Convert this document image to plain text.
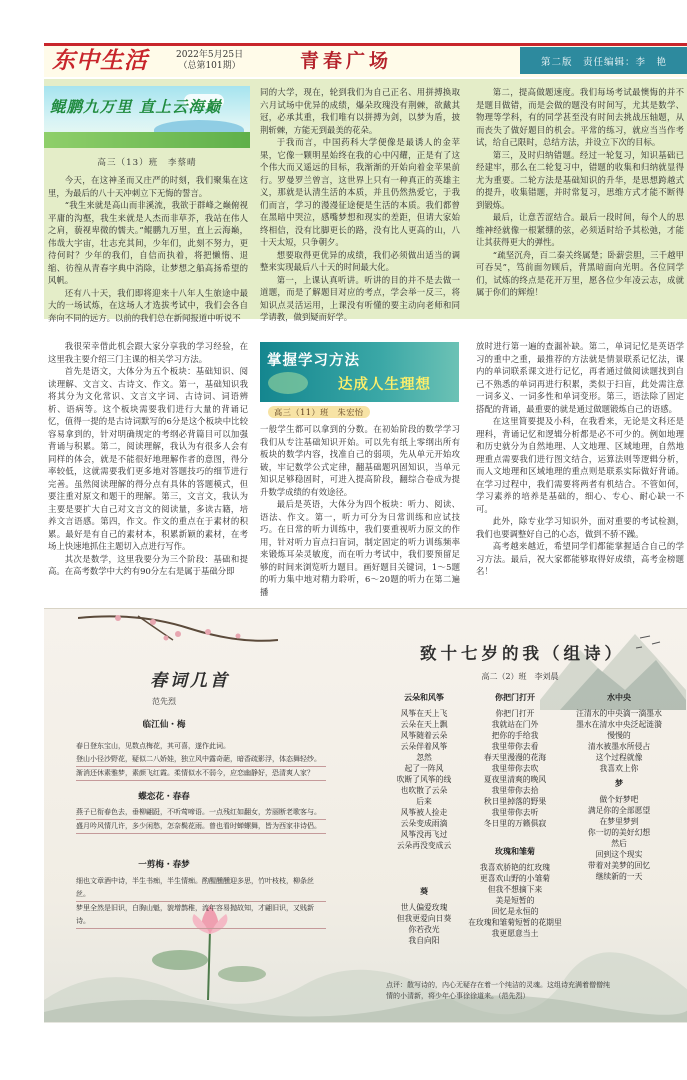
东中生活	2022年5月25日
（总第101期）	青春广场	第二版　责任编辑：李　艳
鲲鹏九万里 直上云海巅
高三（13）班　李蔡晴

今天，在这神圣而又庄严的时刻，我们聚集在这里，为最后的八十天冲刺立下无悔的誓言。

“我生来就是高山而非溪流，我欲于群峰之巅俯视平庸的沟壑，我生来就是人杰而非草芥，我站在伟人之肩，藐视卑微的懦夫。”鲲鹏九万里，直上云海巅，伟哉大宇宙，壮志充其间，少年们，此刻不努力，更待何时？少年的我们，自信而执着，将把懒惰、退缩、彷徨从青春字典中消除，让梦想之船高扬希望的风帆。

还有八十天，我们即将迎来十八年人生旅途中最大的一场试炼，在这场人才选拔考试中，我们会各自奔向不同的远方。以前的我们总在新闻报道中听说不

同的大学，现在，轮到我们为自己正名、用拼搏换取六月试场中优异的成绩，爆朵玫瑰没有荆棘，欲戴其冠，必承其重，我们唯有以拼搏为剑，以梦为盾，披荆斩棘，方能无到最美的花朵。

于我而言，中国药科大学便像是最诱人的金苹果，它像一颗明星始终在我的心中闪耀，正是有了这个伟大而又遥远的目标，我渐渐的开始向着金苹果前行。罗曼罗兰曾言，这世界上只有一种真正的英雄主义，那就是认清生活的本质，并且仍然热爱它，于我们而言，学习的漫漫征途便是生活的本质。我们都曾在黑暗中哭泣，感嘴梦想和现实的差距，但请大家始终相信，没有比脚更长的路，没有比人更高的山，八十天太短，只争朝夕。

想要取得更优异的成绩，我们必须做出适当的调整来实现最后八十天的时间最大化。

第一，上课认真听讲。听讲的目的并不是去做一道题，而是了解题目对应的考点，学会举一反三，将知识点灵活运用，上课没有听懂的要主动向老师和同学请教，做到疑而好学。

第二，提高做题速度。我们每场考试最懊悔的并不是题目做错，而是会做的题没有时间写，尤其是数学、物理等学科，有的同学甚至没有时间去挑战压轴题，从而丧失了做好题目的机会。平常的练习，就应当当作考试，给自己限时，总结方法，并设立下次的目标。

第三，及时归纳错题。经过一轮复习，知识基础已经建牢，那么在二轮复习中，错题的收集和归纳就显得尤为重要。二轮方法是基础知识的升华，是思想跨越式的提升，收集错题，并时常复习，思维方式才能不断得到锻炼。

最后，让意苦涩结合。最后一段时间，每个人的思维神经就像一根紧绷的弦，必须适时给予其松弛，才能让其获得更大的弹性。

“疏坚沉舟，百二秦关终属楚；卧薪尝胆，三千越甲可吞吴”，笃前面勿顾后，背黑暗面向光明。各位同学们，试炼的终点是花开万里，愿各位少年凌云志，成就属于你们的辉煌！

我很荣幸借此机会跟大家分享我的学习经验，在这里我主要介绍三门主课的相关学习方法。

首先是语文，大体分为五个板块：基础知识、阅读理解、文言文、古诗文、作文。第一，基础知识我将其分为文化常识、文言文字词、古诗词、词语辨析、语病等。这个板块需要我们进行大量的背诵记忆，值得一提的是古诗词默写的6分是这个板块中比较容易拿到的，针对明确规定的考纲必背篇目可以加强背诵与积累。第二，阅读理解，我认为有很多人会有同样的体会，就是不能很好地理解作者的意图，得分率较低，这就需要我们更多地对答题技巧的细节进行完善。虽然阅读理解的得分点有具体的答题模式，但要注重对原文和题干的理解。第三，文言文，我认为主要是要扩大自己对文言文的阅读量，多读古籍，培养文言语感。第四，作文。作文的重点在于素材的积累。最好是有自己的素材本，积累新颖的素材，在考场上快速地抓住主题切入点进行写作。

其次是数学，这里我要分为三个阶段：基础和提高。在高考数学中大约有90分左右是属于基础分即

掌握学习方法
达成人生理想
高三（11）班　朱宏怡

一般学生都可以拿到的分数。在初始阶段的数学学习我们从专注基础知识开始。可以先有纸上零纲出所有板块的数学内容，找准自己的弱项，先从单元开始攻破，牢记数学公式定律，翻基础题巩固知识，当单元知识足够稳固时，可进入提高阶段，翻综合卷成为提升数学成绩的有效途径。

最后是英语，大体分为四个板块：听力、阅读、语法、作文。第一，听力可分为日常训练和应试技巧。在日常的听力训练中，我们要重视听力原文的作用，针对听力盲点扫盲词，制定固定的听力训练频率来锻炼耳朵灵敏度，而在听力考试中，我们要预留足够的时间来浏览听力题目。画好题目关键词，1～5题的听力集中地对精力聆听，6～20题的听力在第二遍播

放时进行第一遍的查漏补缺。第二，单词记忆是英语学习的重中之重，最推荐的方法就是情景联系记忆法，课内的单词联系课文进行记忆，再者通过做阅读题找到自己不熟悉的单词再进行积累，类似于扫盲，此处需注意一词多义、一词多性和单词变形。第三，语法除了固定搭配的背诵，最重要的就是通过做题锻炼自己的语感。

在这里简要提及小科，在我看来，无论是文科还是理科，背诵记忆和逻辑分析都是必不可少的。例如地理和历史就分为自然地理、人文地理、区域地理，自然地理重点需要我们进行图文结合，运算法则等逻辑分析，而人文地理和区域地理的重点则是联系实际做好背诵。在学习过程中，我们需要将两者有机结合。不管如何，学习素养的培养是基础的，细心、专心、耐心缺一不可。

此外，除专业学习知识外，面对重要的考试检测，我们也要调整好自己的心态，做到不骄不躁。

高考越来越近，希望同学们都能掌握适合自己的学习方法。最后，祝大家都能够取得好成绩，高考金榜题名！

春词几首
范先烈
临江仙・梅
春日登东宝山，见数点梅花，其可喜，遂作此词。
登山小径沙野花，疑似二八娇娃，独立风中露奇葩，暗香疏影浮，体态舞轻纱。
渐消还休素雅梦，素颜飞红霞。柔情似水不弱今，应恋幽静好，恐清爽人家？
蝶恋花・春春
燕子已衔春色去，垂柳翩跹，不听莺啼语。一点残红如翻女，芳丽断老歌客与。
盛月吟风情几许，多少闲愁，怎奈鬓花雨。曾也看时蝉螺舞，皆为西家非诗侣。
一剪梅・春梦
细也文章酒中诗，半生书痴，半生情痴。酌醒醺醺迎多思，竹叶枝枝，柳条丝丝。
梦里全然是旧识，白胸山魁，貌增鹊稚，流年容易抛故知，才翩旧识，又贱新诗。
致十七岁的我（组诗）
高二（2）班　李刘晨
云朵和风筝
风筝在天上飞
云朵在天上飘
风筝随着云朵
云朵伴着风筝
忽然
起了一阵风
吹断了风筝的线
也吹散了云朵
后来
风筝被人捡走
云朵变成雨滴
风筝没再飞过
云朵再没变成云
葵
世人偏爱玫瑰
但我更爱向日葵
你若孜光
我自向阳
你把门打开
你把门打开
我就站在门外
把你的手给我
我里带你去看
春天里漫漫的花海
我里带你去吹
夏夜里清爽的晚风
我里带你去拾
秋日里掉落的野果
我里带你去听
冬日里的万籁俱寂
玫瑰和雏菊
我喜欢骄艳的红玫瑰
更喜欢山野的小雏菊
但我不想摘下来
美是短暂的
回忆是永恒的
在玫瑰和雏菊短暂的花期里
我更愿意当土
水中央
汪清水的中央滴一滴墨水
墨水在清水中央泛起涟漪
慢慢的
清水被墨水所侵占
这个过程就像
我喜欢上你
梦
做个好梦吧
满足你的全部愿望
在梦里梦到
你一切的美好幻想
然后
回到这个现实
带着对美梦的回忆
继续新的一天
点评：散写诗的，内心无疑存在着一个纯洁的灵魂。这组诗充满着僧僧纯情的小清新，将少年心事徐徐道来。（范先烈）
